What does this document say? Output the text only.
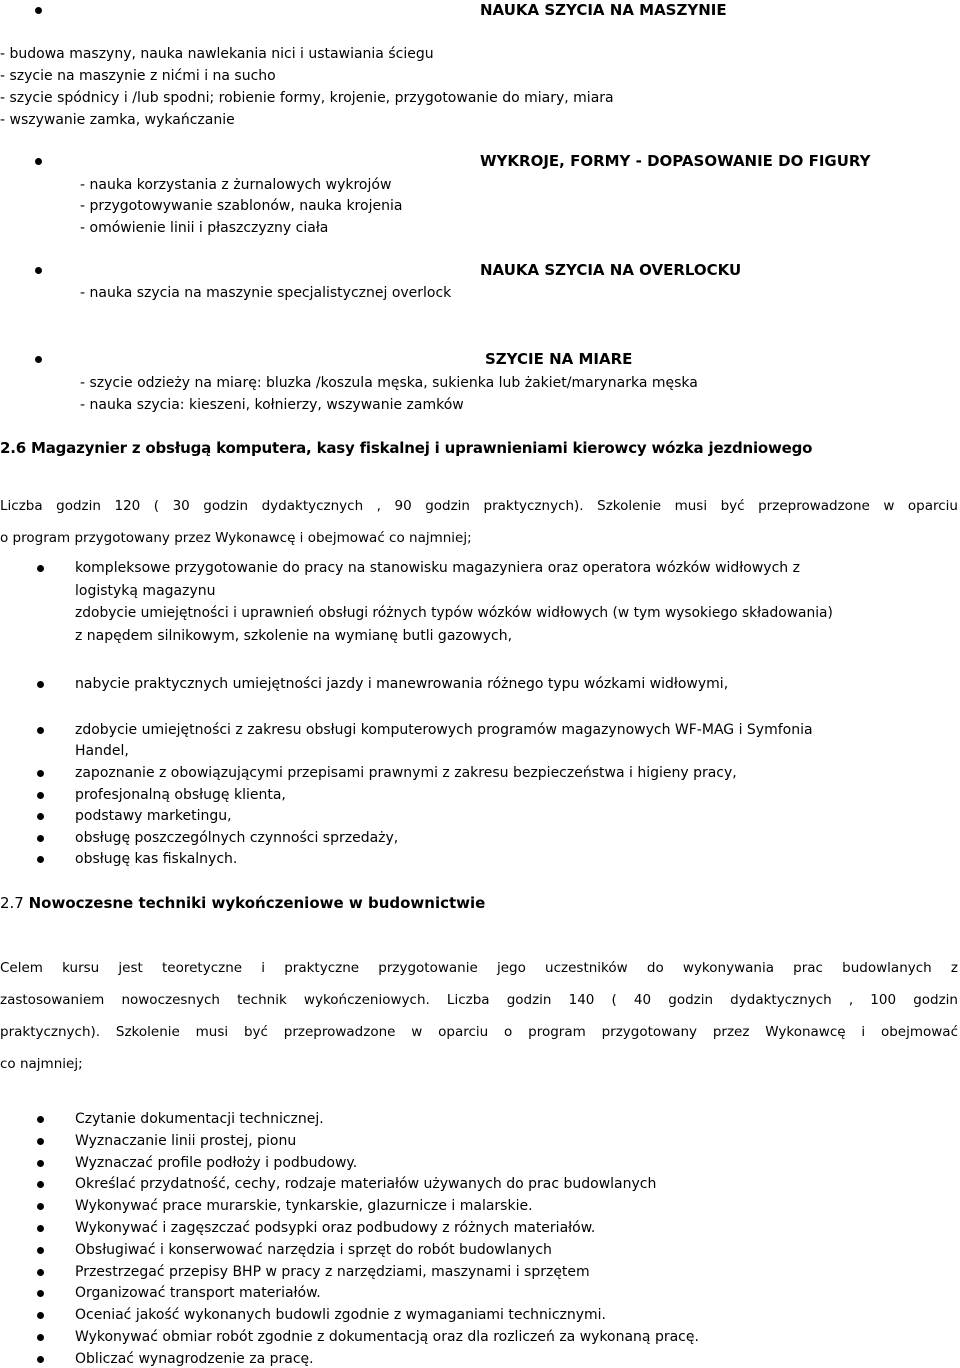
NAUKA SZYCIA NA MASZYNIE
- budowa maszyny, nauka nawlekania nici i ustawiania ściegu
- szycie na maszynie z nićmi i na sucho
- szycie spódnicy i /lub spodni; robienie formy, krojenie, przygotowanie do miary, miara
- wszywanie zamka, wykańczanie
WYKROJE, FORMY - DOPASOWANIE DO FIGURY
- nauka korzystania z żurnalowych wykrojów
- przygotowywanie szablonów, nauka krojenia
- omówienie linii i płaszczyzny ciała
NAUKA SZYCIA NA OVERLOCKU
- nauka szycia na maszynie specjalistycznej overlock
SZYCIE NA MIARE
- szycie odzieży na miarę: bluzka /koszula męska, sukienka lub żakiet/marynarka męska
- nauka szycia: kieszeni, kołnierzy, wszywanie zamków
2.6 Magazynier z obsługą komputera, kasy fiskalnej i uprawnieniami kierowcy wózka jezdniowego
Liczba godzin 120 ( 30 godzin dydaktycznych , 90 godzin praktycznych). Szkolenie musi być przeprowadzone w oparciu
o program przygotowany przez Wykonawcę i obejmować co najmniej;
kompleksowe przygotowanie do pracy na stanowisku magazyniera oraz operatora wózków widłowych z
logistyką magazynu
zdobycie umiejętności i uprawnień obsługi różnych typów wózków widłowych (w tym wysokiego składowania)
z napędem silnikowym, szkolenie na wymianę butli gazowych,
nabycie praktycznych umiejętności jazdy i manewrowania różnego typu wózkami widłowymi,
zdobycie umiejętności z zakresu obsługi komputerowych programów magazynowych WF-MAG i Symfonia
Handel,
zapoznanie z obowiązującymi przepisami prawnymi z zakresu bezpieczeństwa i higieny pracy,
profesjonalną obsługę klienta,
podstawy marketingu,
obsługę poszczególnych czynności sprzedaży,
obsługę kas fiskalnych.
2.7 Nowoczesne techniki wykończeniowe w budownictwie
Celem kursu jest teoretyczne i praktyczne przygotowanie jego uczestników do wykonywania prac budowlanych z
zastosowaniem nowoczesnych technik wykończeniowych. Liczba godzin 140 ( 40 godzin dydaktycznych , 100 godzin
praktycznych). Szkolenie musi być przeprowadzone w oparciu o program przygotowany przez Wykonawcę i obejmować
co najmniej;
Czytanie dokumentacji technicznej.
Wyznaczanie linii prostej, pionu
Wyznaczać profile podłoży i podbudowy.
Określać przydatność, cechy, rodzaje materiałów używanych do prac budowlanych
Wykonywać prace murarskie, tynkarskie, glazurnicze i malarskie.
Wykonywać i zagęszczać podsypki oraz podbudowy z różnych materiałów.
Obsługiwać i konserwować narzędzia i sprzęt do robót budowlanych
Przestrzegać przepisy BHP w pracy z narzędziami, maszynami i sprzętem
Organizować transport materiałów.
Oceniać jakość wykonanych budowli zgodnie z wymaganiami technicznymi.
Wykonywać obmiar robót zgodnie z dokumentacją oraz dla rozliczeń za wykonaną pracę.
Obliczać wynagrodzenie za pracę.
